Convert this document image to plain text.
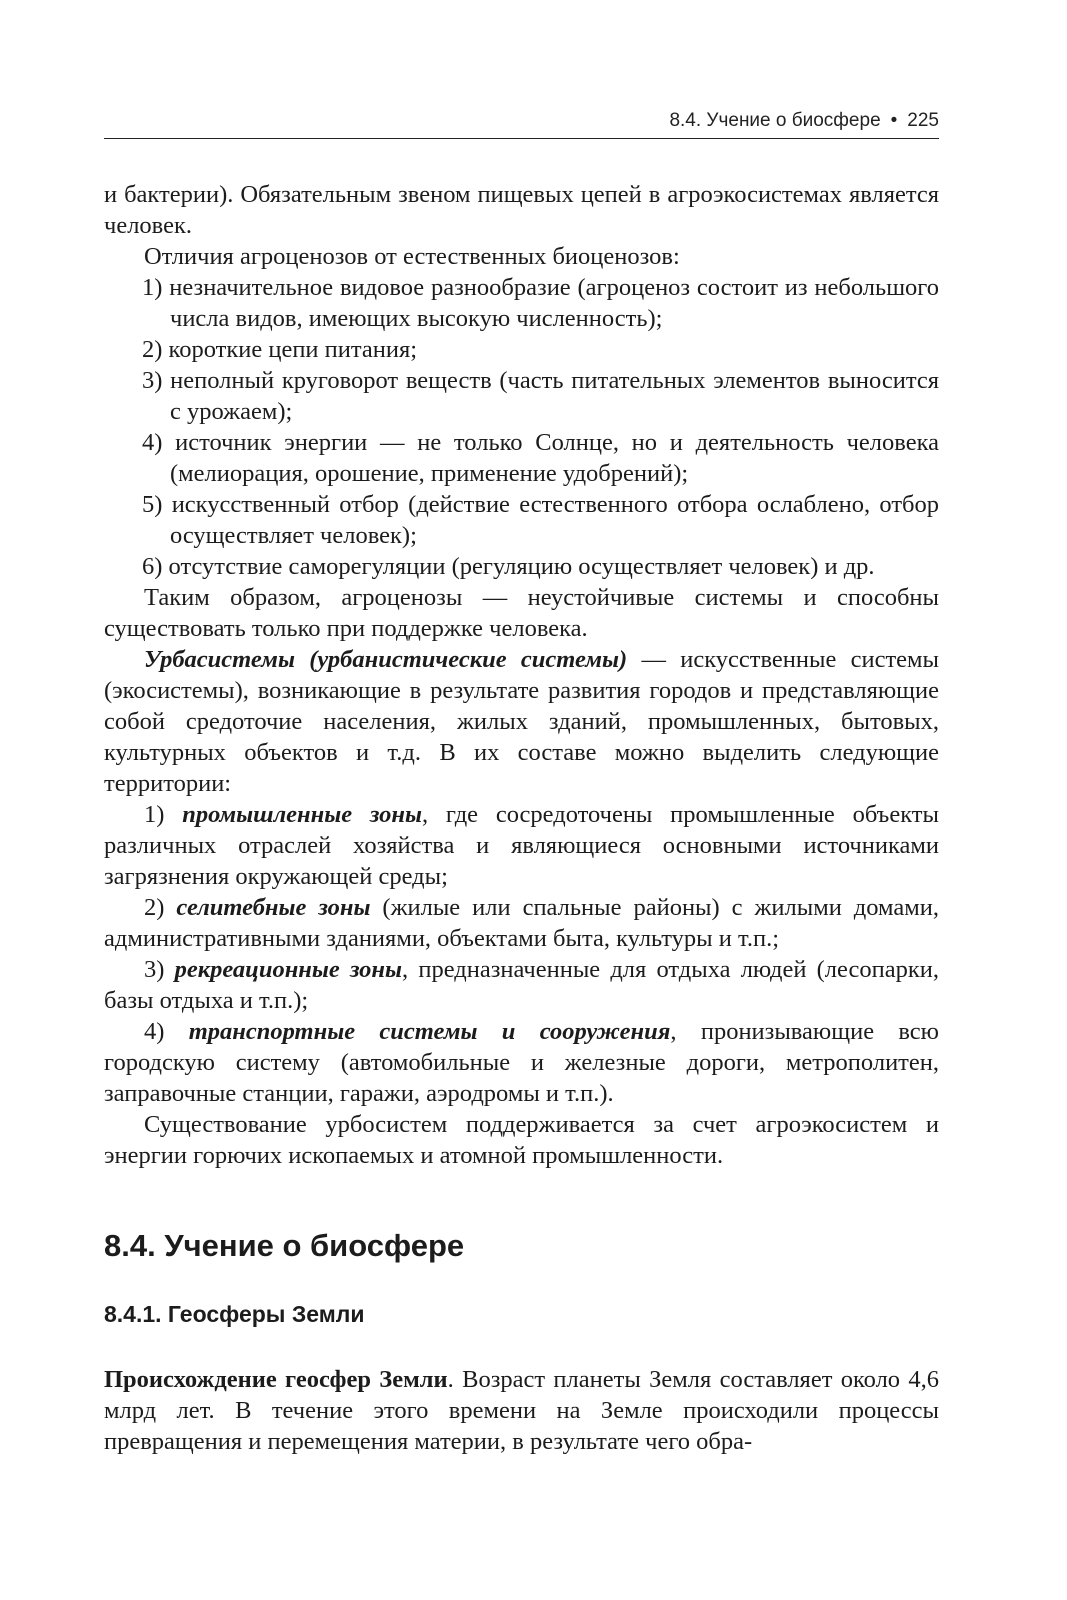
8.4. Учение о биосфере • 225

и бактерии). Обязательным звеном пищевых цепей в агроэкосистемах является человек.

Отличия агроценозов от естественных биоценозов:

1) незначительное видовое разнообразие (агроценоз состоит из небольшого числа видов, имеющих высокую численность);

2) короткие цепи питания;

3) неполный круговорот веществ (часть питательных элементов выносится с урожаем);

4) источник энергии — не только Солнце, но и деятельность человека (мелиорация, орошение, применение удобрений);

5) искусственный отбор (действие естественного отбора ослаблено, отбор осуществляет человек);

6) отсутствие саморегуляции (регуляцию осуществляет человек) и др.

Таким образом, агроценозы — неустойчивые системы и способны существовать только при поддержке человека.

Урбасистемы (урбанистические системы) — искусственные системы (экосистемы), возникающие в результате развития городов и представляющие собой средоточие населения, жилых зданий, промышленных, бытовых, культурных объектов и т.д. В их составе можно выделить следующие территории:

1) промышленные зоны, где сосредоточены промышленные объекты различных отраслей хозяйства и являющиеся основными источниками загрязнения окружающей среды;

2) селитебные зоны (жилые или спальные районы) с жилыми домами, административными зданиями, объектами быта, культуры и т.п.;

3) рекреационные зоны, предназначенные для отдыха людей (лесопарки, базы отдыха и т.п.);

4) транспортные системы и сооружения, пронизывающие всю городскую систему (автомобильные и железные дороги, метрополитен, заправочные станции, гаражи, аэродромы и т.п.).

Существование урбосистем поддерживается за счет агроэкосистем и энергии горючих ископаемых и атомной промышленности.

8.4. Учение о биосфере
8.4.1. Геосферы Земли

Происхождение геосфер Земли. Возраст планеты Земля составляет около 4,6 млрд лет. В течение этого времени на Земле происходили процессы превращения и перемещения материи, в результате чего обра-
